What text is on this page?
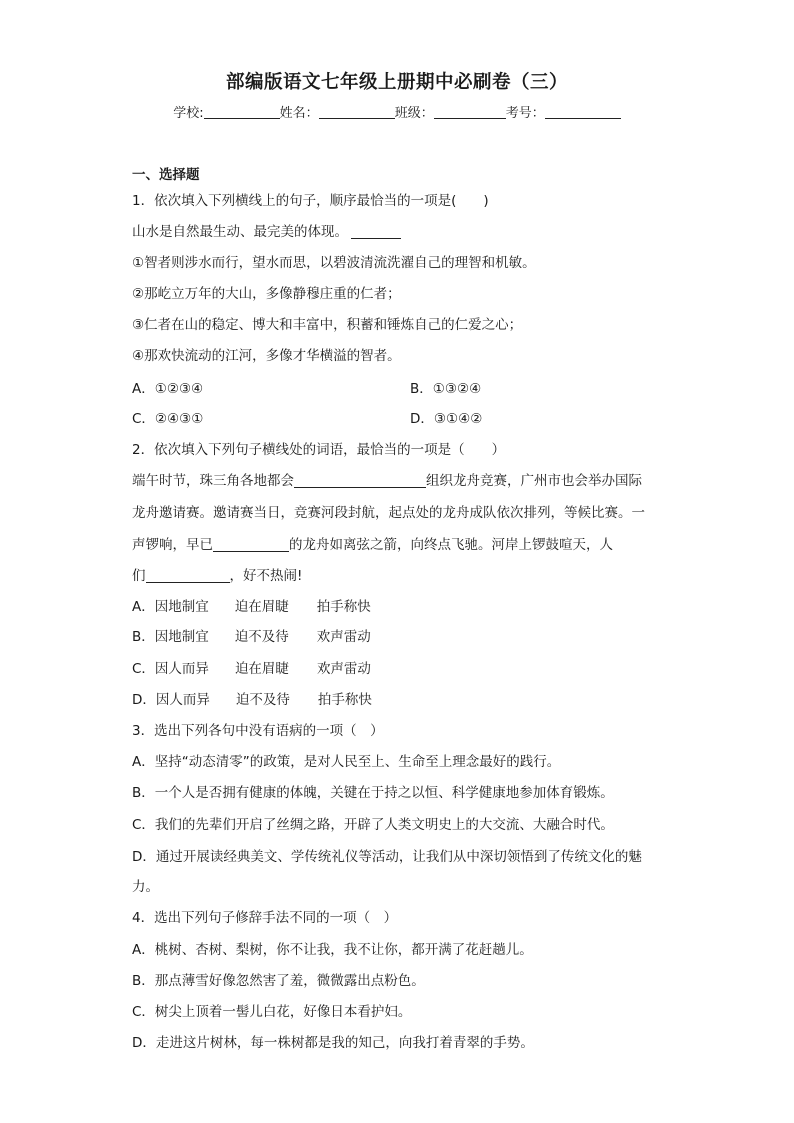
部编版语文七年级上册期中必刷卷（三）
学校:	姓名：	班级：	考号：
一、选择题
1．依次填入下列横线上的句子，顺序最恰当的一项是(　　)
山水是自然最生动、最完美的体现。
①智者则涉水而行，望水而思，以碧波清流洗濯自己的理智和机敏。
②那屹立万年的大山，多像静穆庄重的仁者；
③仁者在山的稳定、博大和丰富中，积蓄和锤炼自己的仁爱之心；
④那欢快流动的江河，多像才华横溢的智者。
A．①②③④	B．①③②④
C．②④③①	D．③①④②
2．依次填入下列句子横线处的词语，最恰当的一项是（　　）
端午时节，珠三角各地都会	组织龙舟竞赛，广州市也会举办国际
龙舟邀请赛。邀请赛当日，竞赛河段封航，起点处的龙舟成队依次排列，等候比赛。一
声锣响，早已	的龙舟如离弦之箭，向终点飞驰。河岸上锣鼓喧天，人
们	，好不热闹!
A．因地制宜 迫在眉睫 拍手称快
B．因地制宜 迫不及待 欢声雷动
C．因人而异 迫在眉睫 欢声雷动
D．因人而异 迫不及待 拍手称快
3．选出下列各句中没有语病的一项（　）
A．坚持“动态清零”的政策，是对人民至上、生命至上理念最好的践行。
B．一个人是否拥有健康的体魄，关键在于持之以恒、科学健康地参加体育锻炼。
C．我们的先辈们开启了丝绸之路，开辟了人类文明史上的大交流、大融合时代。
D．通过开展读经典美文、学传统礼仪等活动，让我们从中深切领悟到了传统文化的魅
力。
4．选出下列句子修辞手法不同的一项（　）
A．桃树、杏树、梨树，你不让我，我不让你，都开满了花赶趟儿。
B．那点薄雪好像忽然害了羞，微微露出点粉色。
C．树尖上顶着一髻儿白花，好像日本看护妇。
D．走进这片树林，每一株树都是我的知己，向我打着青翠的手势。
